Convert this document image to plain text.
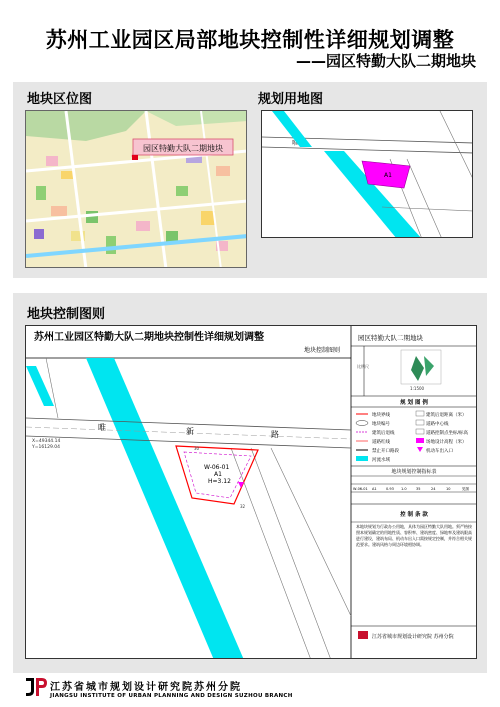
苏州工业园区局部地块控制性详细规划调整
——园区特勤大队二期地块
地块区位图	规划用地图
园区特勤大队二期地块
唯
A1
地块控制图则
苏州工业园区特勤大队二期地块控制性详细规划调整
地块控制图则
唯	新	路
X=49344.14
Y=16129.04
W-06-01
A1
H=3.12
30
32
园区特勤大队二期地块
比例尺
1:1500
规 划 图 例
地块界线	建筑后退距离（米）
地块编号	道路中心线
建筑后退线	道路控制点坐标/标高
道路红线	场地设计高程（米）
禁止开口路段	机动车出入口
河流水域
地块规划控制指标表
W-06-01 A1	0.93 1.0	35	24	10	见图
控 制 条 款
本地块规划为行政办公用地，具体为园区特勤大队用地。须严格按照本规划确定的用地性质、容积率、建筑密度、绿地率及建筑限高进行建设，建筑布局、机动车出入口需按规定控制，并符合相关规范要求。建筑风格与周边环境相协调。
江苏省城市规划设计研究院 苏州分院
江苏省城市规划设计研究院苏州分院
JIANGSU INSTITUTE OF URBAN PLANNING AND DESIGN SUZHOU BRANCH
